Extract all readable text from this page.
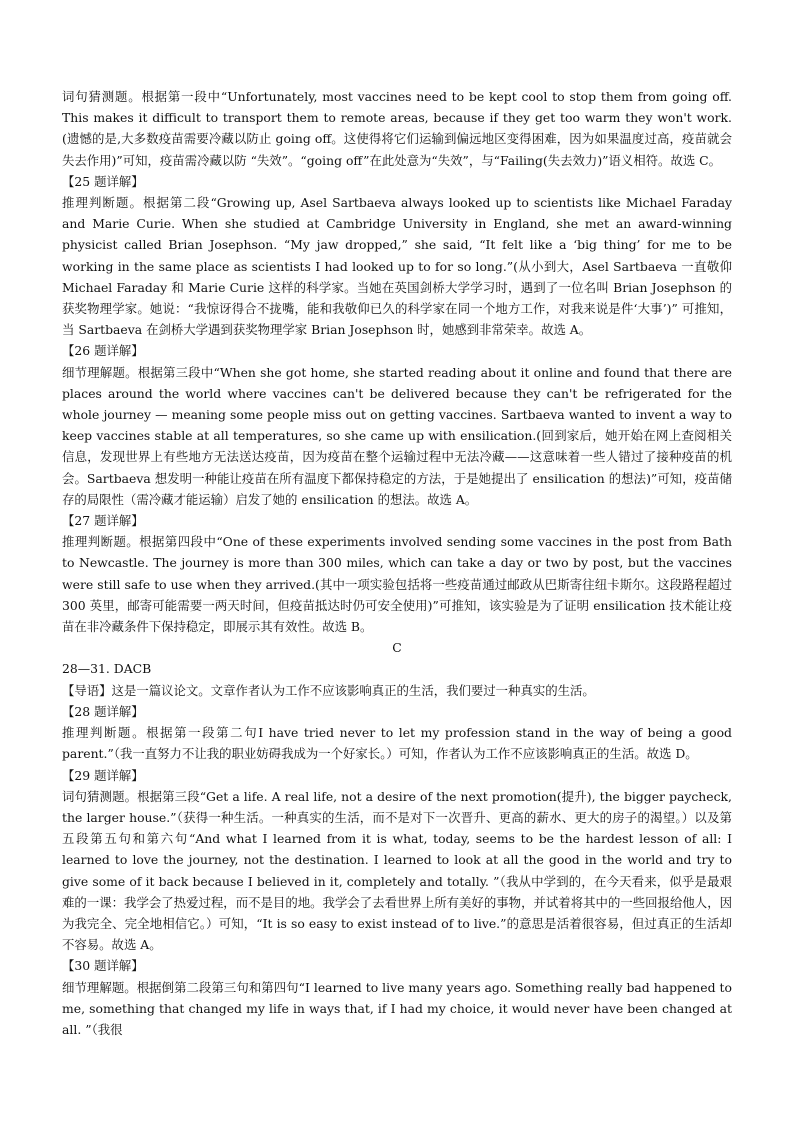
词句猜测题。根据第一段中“Unfortunately, most vaccines need to be kept cool to stop them from going off. This makes it difficult to transport them to remote areas, because if they get too warm they won't work.(遗憾的是,大多数疫苗需要冷藏以防止 going off。这使得将它们运输到偏远地区变得困难，因为如果温度过高，疫苗就会失去作用)”可知，疫苗需冷藏以防 “失效”。“going off”在此处意为“失效”，与“Failing(失去效力)”语义相符。故选 C。

【25 题详解】

推理判断题。根据第二段“Growing up, Asel Sartbaeva always looked up to scientists like Michael Faraday and Marie Curie. When she studied at Cambridge University in England, she met an award-winning physicist called Brian Josephson. “My jaw dropped,” she said, “It felt like a ‘big thing’ for me to be working in the same place as scientists I had looked up to for so long.”(从小到大，Asel Sartbaeva 一直敬仰 Michael Faraday 和 Marie Curie 这样的科学家。当她在英国剑桥大学学习时，遇到了一位名叫 Brian Josephson 的获奖物理学家。她说：“我惊讶得合不拢嘴，能和我敬仰已久的科学家在同一个地方工作，对我来说是件‘大事’)” 可推知，当 Sartbaeva 在剑桥大学遇到获奖物理学家 Brian Josephson 时，她感到非常荣幸。故选 A。

【26 题详解】

细节理解题。根据第三段中“When she got home, she started reading about it online and found that there are places around the world where vaccines can't be delivered because they can't be refrigerated for the whole journey — meaning some people miss out on getting vaccines. Sartbaeva wanted to invent a way to keep vaccines stable at all temperatures, so she came up with ensilication.(回到家后，她开始在网上查阅相关信息，发现世界上有些地方无法送达疫苗，因为疫苗在整个运输过程中无法冷藏——这意味着一些人错过了接种疫苗的机会。Sartbaeva 想发明一种能让疫苗在所有温度下都保持稳定的方法，于是她提出了 ensilication 的想法)”可知，疫苗储存的局限性（需冷藏才能运输）启发了她的 ensilication 的想法。故选 A。

【27 题详解】

推理判断题。根据第四段中“One of these experiments involved sending some vaccines in the post from Bath to Newcastle. The journey is more than 300 miles, which can take a day or two by post, but the vaccines were still safe to use when they arrived.(其中一项实验包括将一些疫苗通过邮政从巴斯寄往纽卡斯尔。这段路程超过 300 英里，邮寄可能需要一两天时间，但疫苗抵达时仍可安全使用)”可推知，该实验是为了证明 ensilication 技术能让疫苗在非冷藏条件下保持稳定，即展示其有效性。故选 B。

C

28—31. DACB

【导语】这是一篇议论文。文章作者认为工作不应该影响真正的生活，我们要过一种真实的生活。

【28 题详解】

推理判断题。根据第一段第二句I have tried never to let my profession stand in the way of being a good parent.”（我一直努力不让我的职业妨碍我成为一个好家长。）可知，作者认为工作不应该影响真正的生活。故选 D。

【29 题详解】

词句猜测题。根据第三段“Get a life. A real life, not a desire of the next promotion(提升), the bigger paycheck, the larger house.”（获得一种生活。一种真实的生活，而不是对下一次晋升、更高的薪水、更大的房子的渴望。）以及第五段第五句和第六句“And what I learned from it is what, today, seems to be the hardest lesson of all: I learned to love the journey, not the destination. I learned to look at all the good in the world and try to give some of it back because I believed in it, completely and totally. ”（我从中学到的，在今天看来，似乎是最艰难的一课：我学会了热爱过程，而不是目的地。我学会了去看世界上所有美好的事物，并试着将其中的一些回报给他人，因为我完全、完全地相信它。）可知，“It is so easy to exist instead of to live.”的意思是活着很容易，但过真正的生活却不容易。故选 A。

【30 题详解】

细节理解题。根据倒第二段第三句和第四句“I learned to live many years ago. Something really bad happened to me, something that changed my life in ways that, if I had my choice, it would never have been changed at all. ”（我很
